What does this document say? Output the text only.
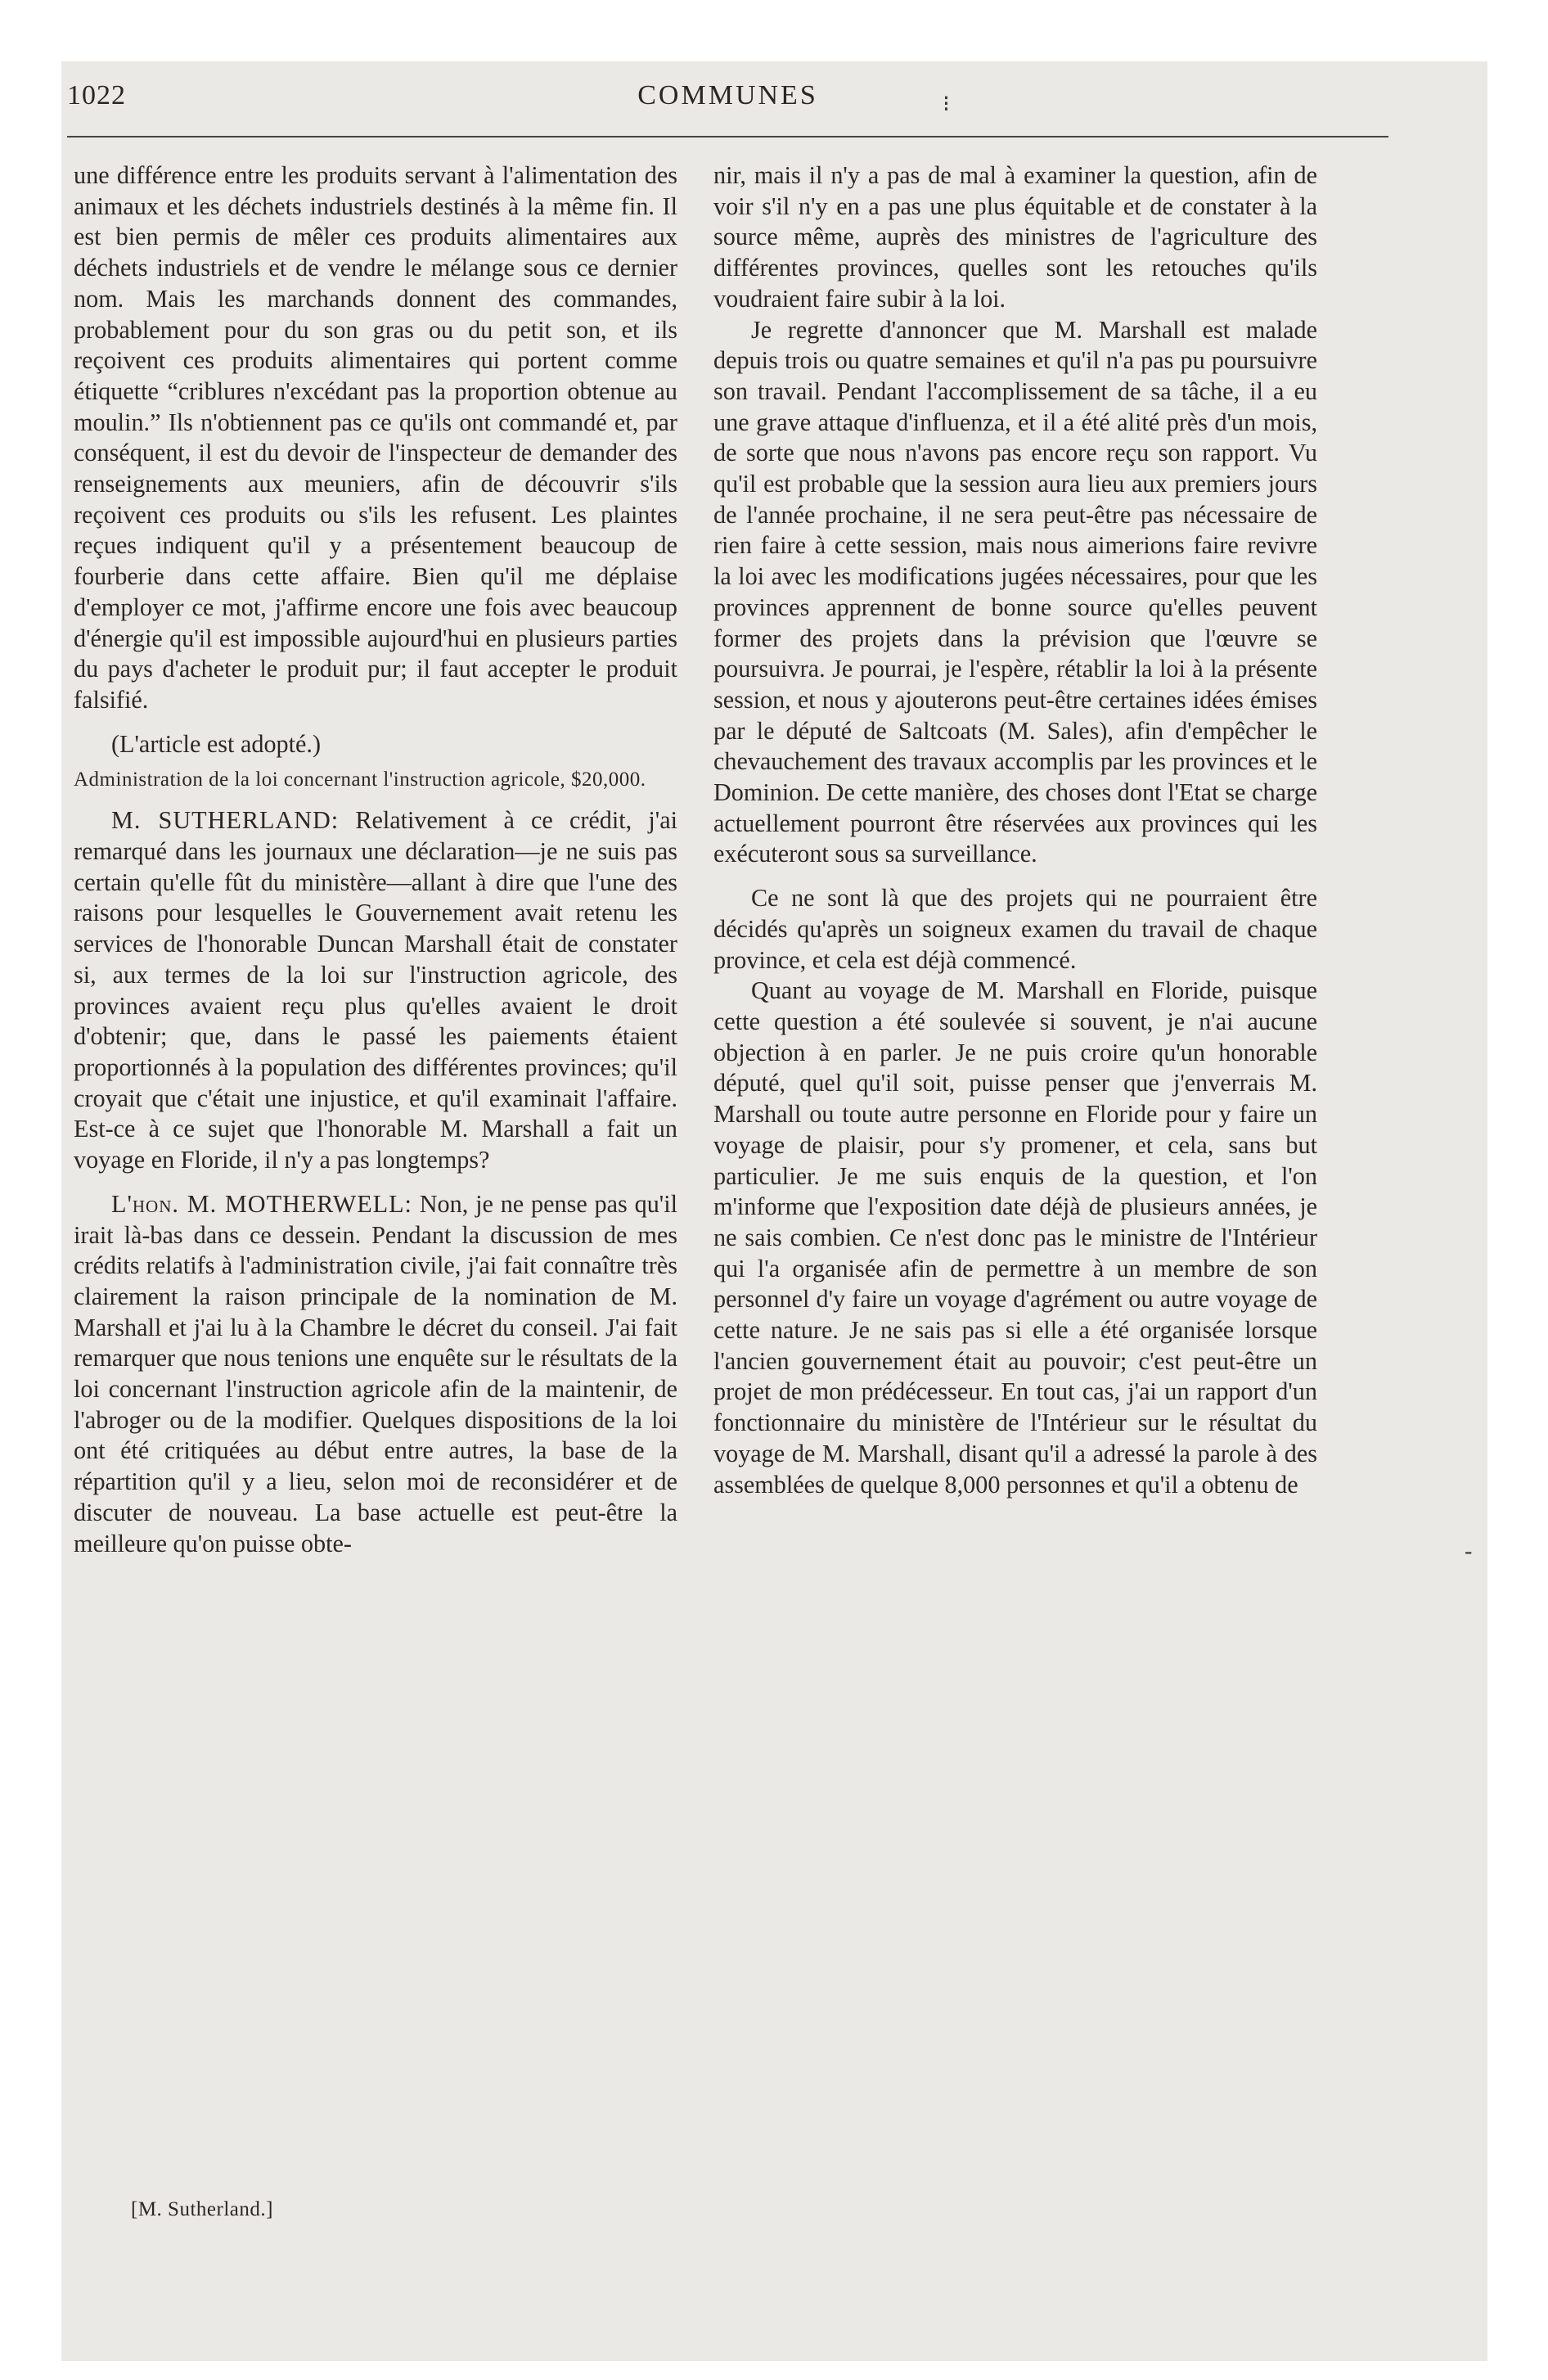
1022	COMMUNES	⁝

une différence entre les produits servant à l'alimentation des animaux et les déchets industriels destinés à la même fin. Il est bien permis de mêler ces produits alimentaires aux déchets industriels et de vendre le mélange sous ce dernier nom. Mais les marchands donnent des commandes, probablement pour du son gras ou du petit son, et ils reçoivent ces produits alimentaires qui portent comme étiquette “criblures n'excédant pas la proportion obtenue au moulin.” Ils n'obtiennent pas ce qu'ils ont commandé et, par conséquent, il est du devoir de l'inspecteur de demander des renseignements aux meuniers, afin de découvrir s'ils reçoivent ces produits ou s'ils les refusent. Les plaintes reçues indiquent qu'il y a présentement beaucoup de fourberie dans cette affaire. Bien qu'il me déplaise d'employer ce mot, j'affirme encore une fois avec beaucoup d'énergie qu'il est impossible aujourd'hui en plusieurs parties du pays d'acheter le produit pur; il faut accepter le produit falsifié.

(L'article est adopté.)

Administration de la loi concernant l'instruction agricole, $20,000.

M. SUTHERLAND: Relativement à ce crédit, j'ai remarqué dans les journaux une déclaration—je ne suis pas certain qu'elle fût du ministère—allant à dire que l'une des raisons pour lesquelles le Gouvernement avait retenu les services de l'honorable Duncan Marshall était de constater si, aux termes de la loi sur l'instruction agricole, des provinces avaient reçu plus qu'elles avaient le droit d'obtenir; que, dans le passé les paiements étaient proportionnés à la population des différentes provinces; qu'il croyait que c'était une injustice, et qu'il examinait l'affaire. Est-ce à ce sujet que l'honorable M. Marshall a fait un voyage en Floride, il n'y a pas longtemps?

L'hon. M. MOTHERWELL: Non, je ne pense pas qu'il irait là-bas dans ce dessein. Pendant la discussion de mes crédits relatifs à l'administration civile, j'ai fait connaître très clairement la raison principale de la nomination de M. Marshall et j'ai lu à la Chambre le décret du conseil. J'ai fait remarquer que nous tenions une enquête sur le résultats de la loi concernant l'instruction agricole afin de la maintenir, de l'abroger ou de la modifier. Quelques dispositions de la loi ont été critiquées au début entre autres, la base de la répartition qu'il y a lieu, selon moi de reconsidérer et de discuter de nouveau. La base actuelle est peut-être la meilleure qu'on puisse obte-

nir, mais il n'y a pas de mal à examiner la question, afin de voir s'il n'y en a pas une plus équitable et de constater à la source même, auprès des ministres de l'agriculture des différentes provinces, quelles sont les retouches qu'ils voudraient faire subir à la loi.

Je regrette d'annoncer que M. Marshall est malade depuis trois ou quatre semaines et qu'il n'a pas pu poursuivre son travail. Pendant l'accomplissement de sa tâche, il a eu une grave attaque d'influenza, et il a été alité près d'un mois, de sorte que nous n'avons pas encore reçu son rapport. Vu qu'il est probable que la session aura lieu aux premiers jours de l'année prochaine, il ne sera peut-être pas nécessaire de rien faire à cette session, mais nous aimerions faire revivre la loi avec les modifications jugées nécessaires, pour que les provinces apprennent de bonne source qu'elles peuvent former des projets dans la prévision que l'œuvre se poursuivra. Je pourrai, je l'espère, rétablir la loi à la présente session, et nous y ajouterons peut-être certaines idées émises par le député de Saltcoats (M. Sales), afin d'empêcher le chevauchement des travaux accomplis par les provinces et le Dominion. De cette manière, des choses dont l'Etat se charge actuellement pourront être réservées aux provinces qui les exécuteront sous sa surveillance.

Ce ne sont là que des projets qui ne pourraient être décidés qu'après un soigneux examen du travail de chaque province, et cela est déjà commencé.

Quant au voyage de M. Marshall en Floride, puisque cette question a été soulevée si souvent, je n'ai aucune objection à en parler. Je ne puis croire qu'un honorable député, quel qu'il soit, puisse penser que j'enverrais M. Marshall ou toute autre personne en Floride pour y faire un voyage de plaisir, pour s'y promener, et cela, sans but particulier. Je me suis enquis de la question, et l'on m'informe que l'exposition date déjà de plusieurs années, je ne sais combien. Ce n'est donc pas le ministre de l'Intérieur qui l'a organisée afin de permettre à un membre de son personnel d'y faire un voyage d'agrément ou autre voyage de cette nature. Je ne sais pas si elle a été organisée lorsque l'ancien gouvernement était au pouvoir; c'est peut-être un projet de mon prédécesseur. En tout cas, j'ai un rapport d'un fonctionnaire du ministère de l'Intérieur sur le résultat du voyage de M. Marshall, disant qu'il a adressé la parole à des assemblées de quelque 8,000 personnes et qu'il a obtenu de

-
[M. Sutherland.]
